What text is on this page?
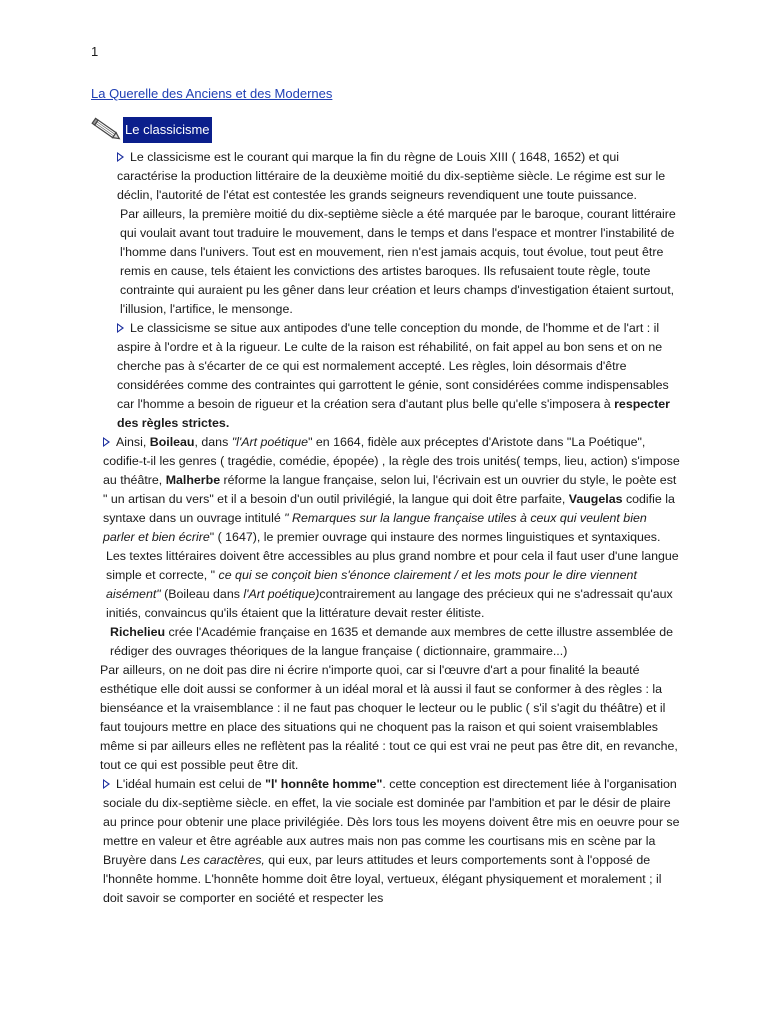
1
La Querelle des Anciens et des Modernes
Le classicisme

Le classicisme est le courant qui marque la fin du règne de Louis XIII ( 1648, 1652) et qui caractérise la production littéraire de la deuxième moitié du dix-septième siècle. Le régime est sur le déclin, l'autorité de l'état est contestée les grands seigneurs revendiquent une toute puissance.

Par ailleurs, la première moitié du dix-septième siècle a été marquée par le baroque, courant littéraire qui voulait avant tout traduire le mouvement, dans le temps et dans l'espace et montrer l'instabilité de l'homme dans l'univers. Tout est en mouvement, rien n'est jamais acquis, tout évolue, tout peut être remis en cause, tels étaient les convictions des artistes baroques. Ils refusaient toute règle, toute contrainte qui auraient pu les gêner dans leur création et leurs champs d'investigation étaient surtout, l'illusion, l'artifice, le mensonge.

Le classicisme se situe aux antipodes d'une telle conception du monde, de l'homme et de l'art : il aspire à l'ordre et à la rigueur. Le culte de la raison est réhabilité, on fait appel au bon sens et on ne cherche pas à s'écarter de ce qui est normalement accepté. Les règles, loin désormais d'être considérées comme des contraintes qui garrottent le génie, sont considérées comme indispensables car l'homme a besoin de rigueur et la création sera d'autant plus belle qu'elle s'imposera à respecter des règles strictes.

Ainsi, Boileau, dans "l'Art poétique" en 1664, fidèle aux préceptes d'Aristote dans "La Poétique", codifie-t-il les genres ( tragédie, comédie, épopée) , la règle des trois unités( temps, lieu, action) s'impose au théâtre, Malherbe réforme la langue française, selon lui, l'écrivain est un ouvrier du style, le poète est " un artisan du vers" et il a besoin d'un outil privilégié, la langue qui doit être parfaite, Vaugelas codifie la syntaxe dans un ouvrage intitulé " Remarques sur la langue française utiles à ceux qui veulent bien parler et bien écrire" ( 1647), le premier ouvrage qui instaure des normes linguistiques et syntaxiques.

Les textes littéraires doivent être accessibles au plus grand nombre et pour cela il faut user d'une langue simple et correcte, " ce qui se conçoit bien s'énonce clairement / et les mots pour le dire viennent aisément" (Boileau dans l'Art poétique)contrairement au langage des précieux qui ne s'adressait qu'aux initiés, convaincus qu'ils étaient que la littérature devait rester élitiste.

Richelieu crée l'Académie française en 1635 et demande aux membres de cette illustre assemblée de rédiger des ouvrages théoriques de la langue française ( dictionnaire, grammaire...)

Par ailleurs, on ne doit pas dire ni écrire n'importe quoi, car si l'œuvre d'art a pour finalité la beauté esthétique elle doit aussi se conformer à un idéal moral et là aussi il faut se conformer à des règles : la bienséance et la vraisemblance : il ne faut pas choquer le lecteur ou le public ( s'il s'agit du théâtre) et il faut toujours mettre en place des situations qui ne choquent pas la raison et qui soient vraisemblables même si par ailleurs elles ne reflètent pas la réalité : tout ce qui est vrai ne peut pas être dit, en revanche, tout ce qui est possible peut être dit.

L'idéal humain est celui de "l' honnête homme". cette conception est directement liée à l'organisation sociale du dix-septième siècle. en effet, la vie sociale est dominée par l'ambition et par le désir de plaire au prince pour obtenir une place privilégiée. Dès lors tous les moyens doivent être mis en oeuvre pour se mettre en valeur et être agréable aux autres mais non pas comme les courtisans mis en scène par la Bruyère dans Les caractères, qui eux, par leurs attitudes et leurs comportements sont à l'opposé de l'honnête homme. L'honnête homme doit être loyal, vertueux, élégant physiquement et moralement ; il doit savoir se comporter en société et respecter les
